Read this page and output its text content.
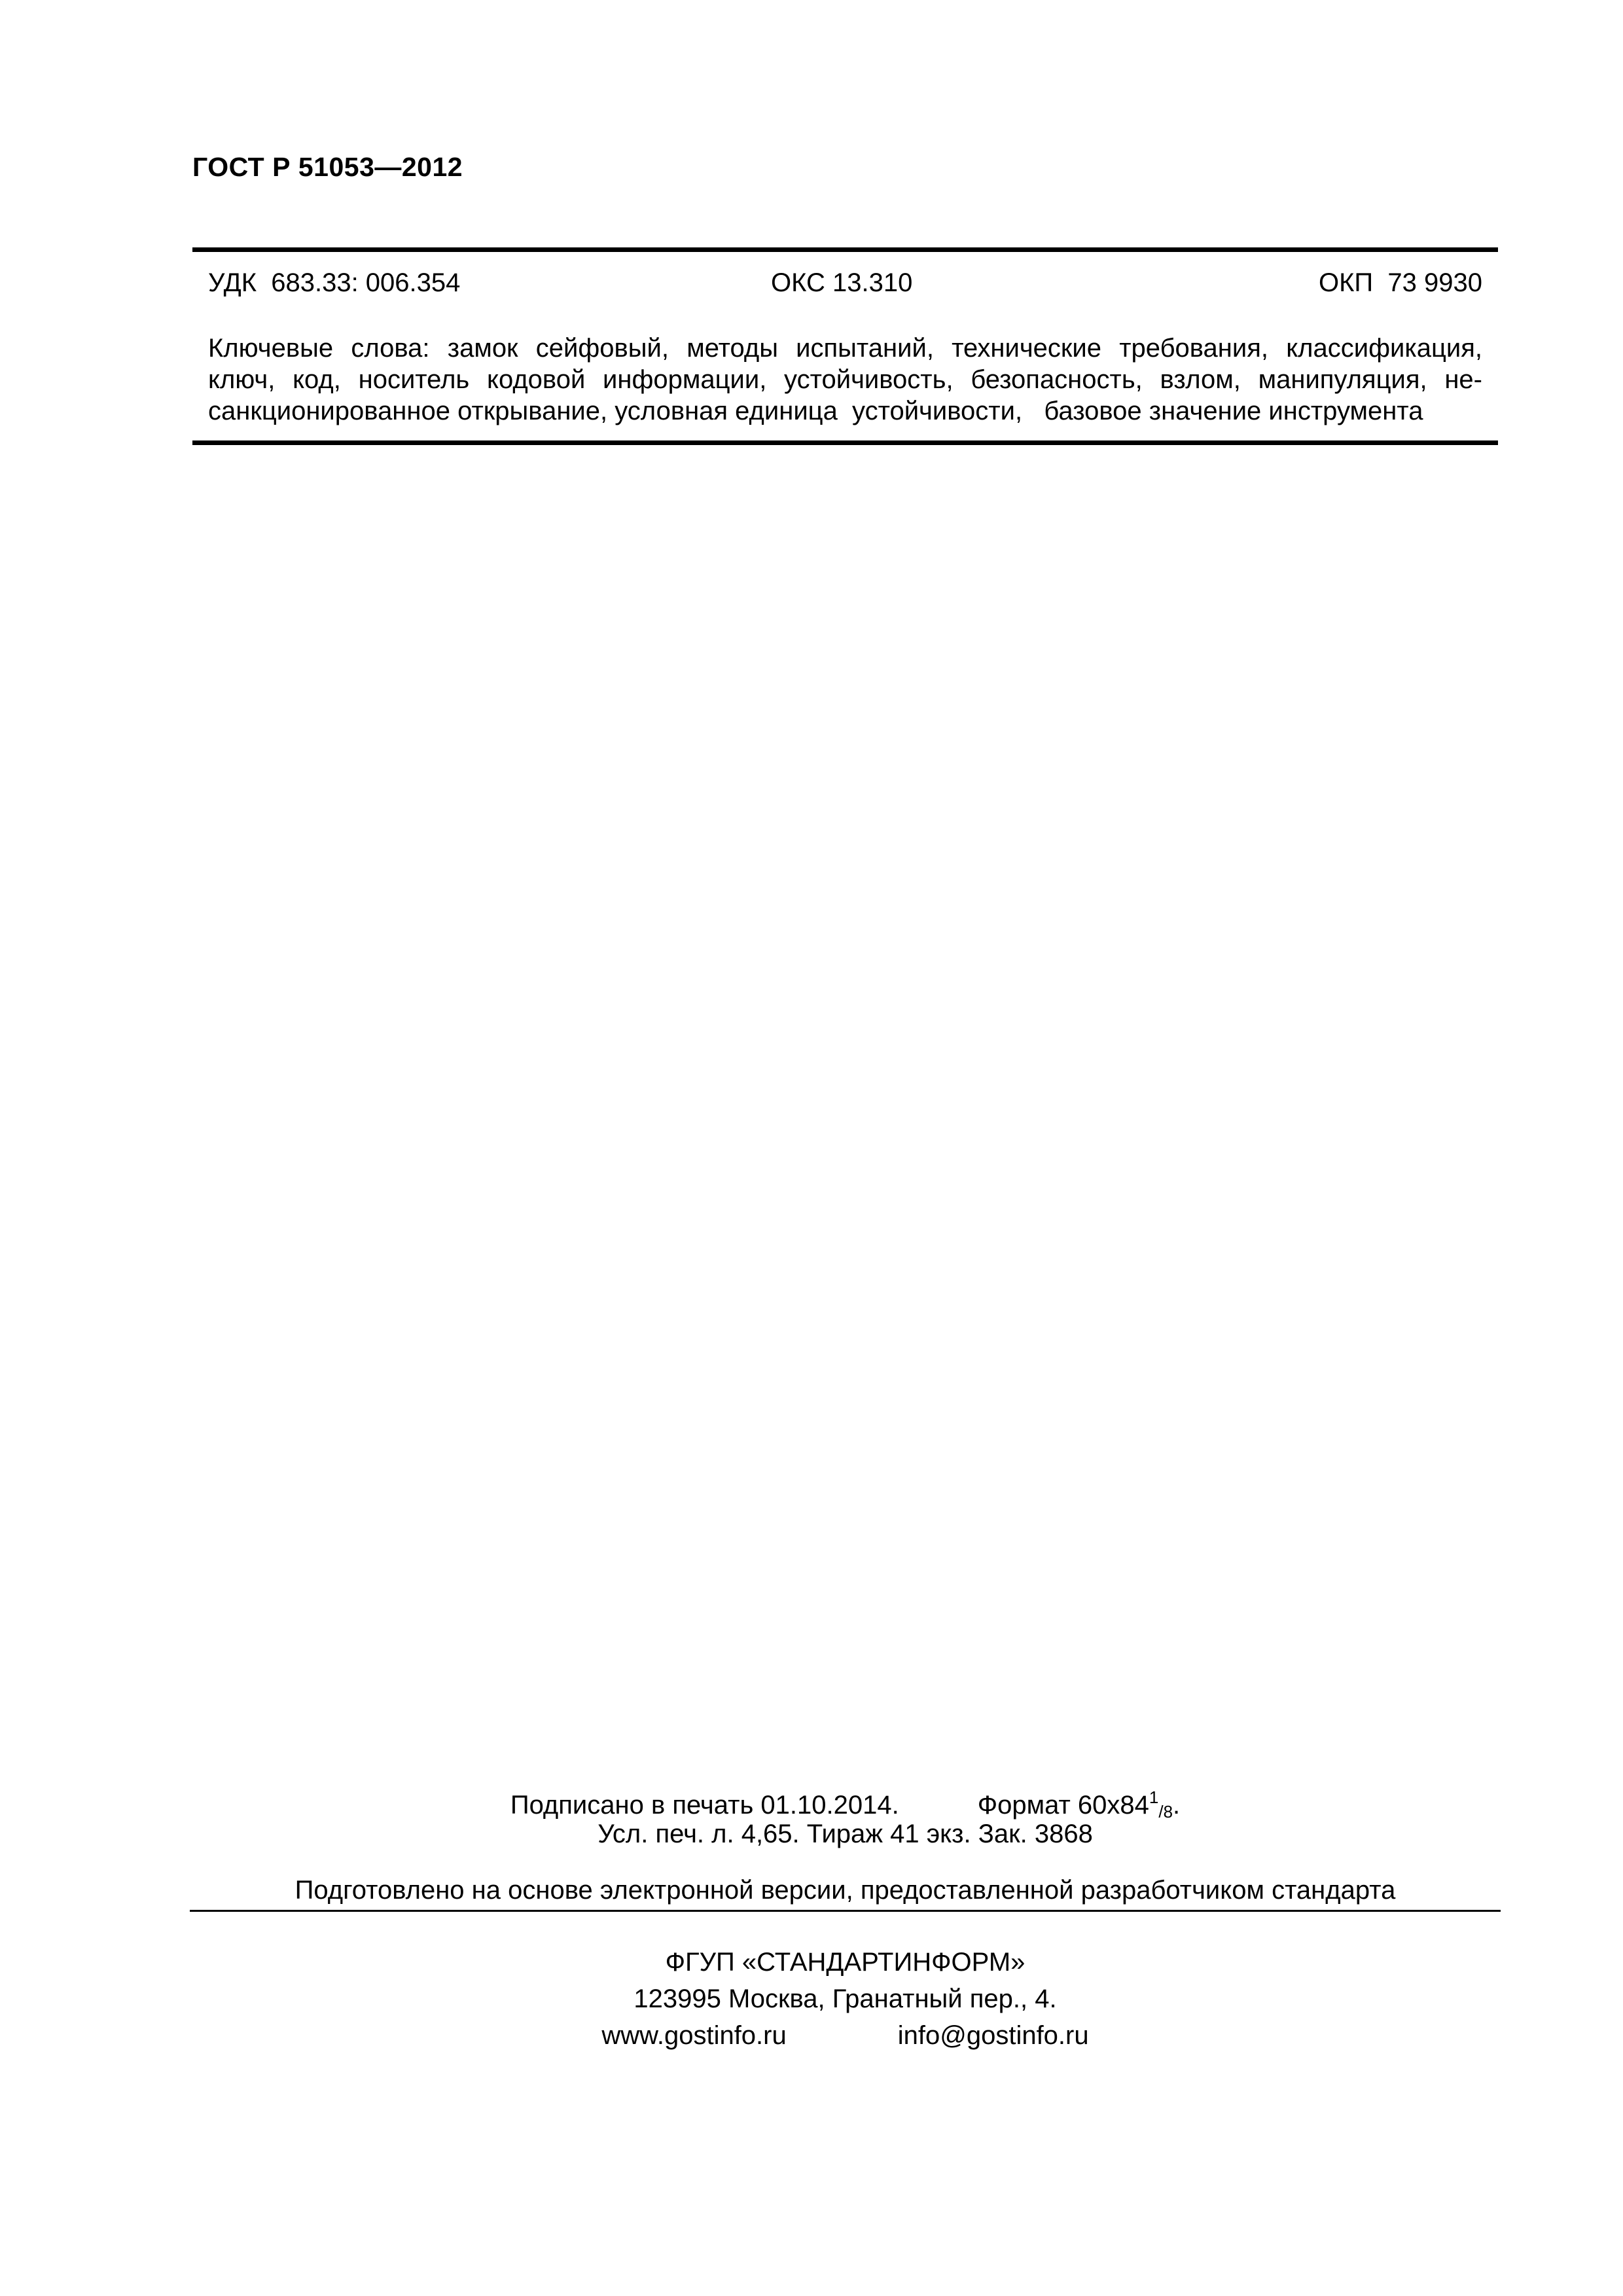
ГОСТ Р 51053—2012
УДК  683.33: 006.354	ОКС 13.310	ОКП  73 9930
Ключевые слова: замок сейфовый, методы испытаний, технические требования, классификация,
ключ, код, носитель кодовой информации, устойчивость, безопасность, взлом, манипуляция, не-
санкционированное открывание, условная единица  устойчивости,   базовое значение инструмента
Подписано в печать 01.10.2014.	Формат $60x84^1_{/8}$.
Усл. печ. л. 4,65. Тираж 41 экз. Зак. 3868
Подготовлено на основе электронной версии, предоставленной разработчиком стандарта
ФГУП «СТАНДАРТИНФОРМ»
123995 Москва, Гранатный пер., 4.
www.gostinfo.ru	info@gostinfo.ru
